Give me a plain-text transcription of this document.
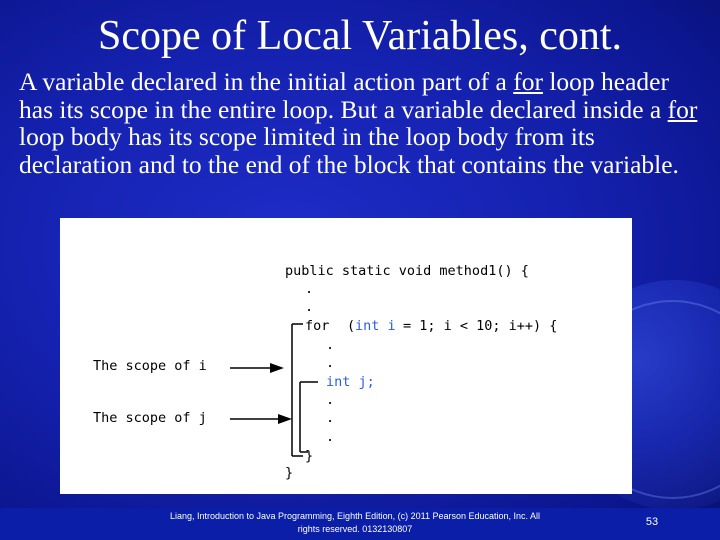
Scope of Local Variables, cont.
A variable declared in the initial action part of a for loop header has its scope in the entire loop. But a variable declared inside a for loop body has its scope limited in the loop body from its declaration and to the end of the block that contains the variable.
public static void method1() {
.
.
for ( int i = 1; i < 10; i++) {
.
.
int j;
.
.
.
}
}
The scope of i
The scope of j
Liang, Introduction to Java Programming, Eighth Edition, (c) 2011 Pearson Education, Inc. All
rights reserved. 0132130807
53
